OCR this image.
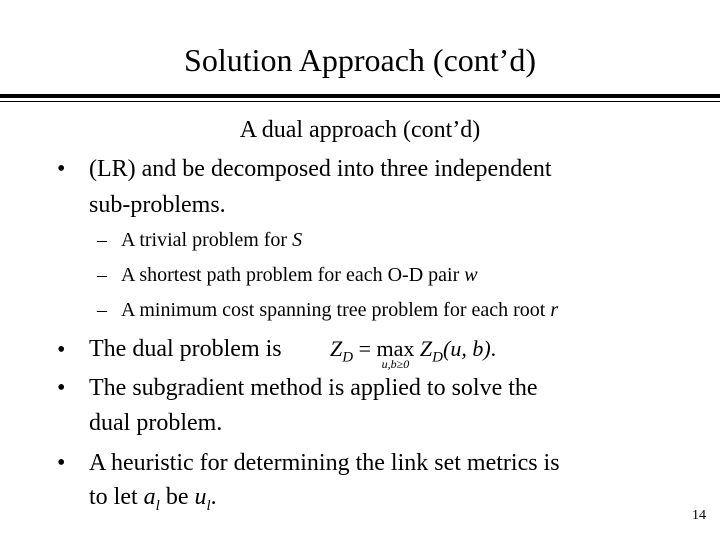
Solution Approach (cont’d)
A dual approach (cont’d)
• (LR) and be decomposed into three independent
sub-problems.
– A trivial problem for S
– A shortest path problem for each O-D pair w
– A minimum cost spanning tree problem for each root r
• The dual problem is $Z_D = \max$
u,b≥0
$Z_D(u$, b).
• The subgradient method is applied to solve the
dual problem.
• A heuristic for determining the link set metrics is
to let $a_l$ be $u_l$.
14
